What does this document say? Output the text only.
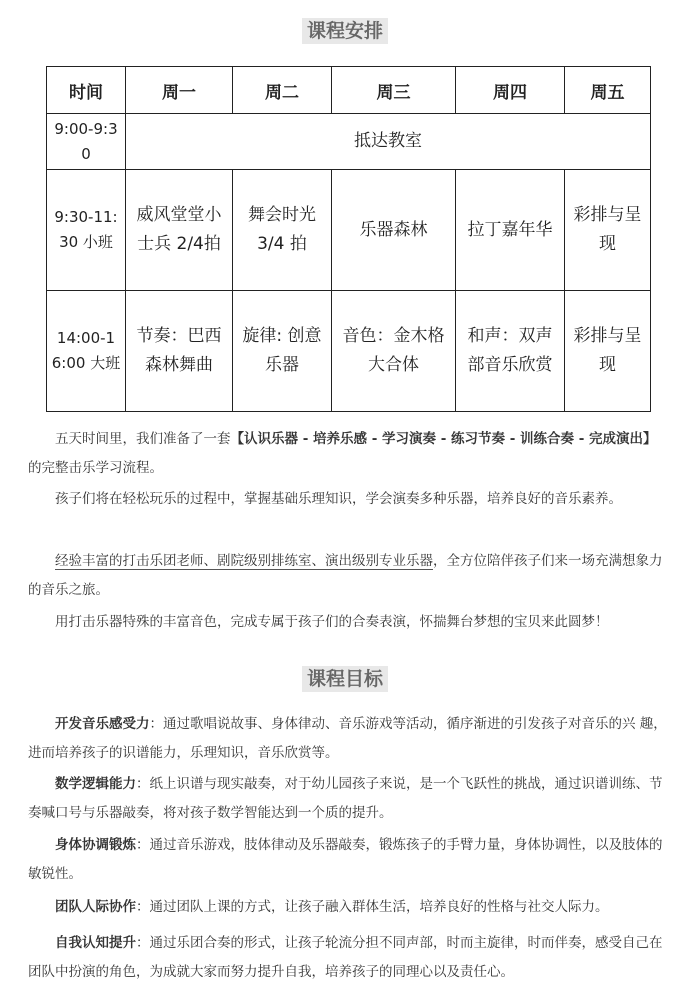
课程安排
时间	周一	周二	周三	周四	周五
9:00-9:30	抵达教室				
9:30-11:30 小班	威风堂堂小士兵 2/4拍	舞会时光3/4 拍	乐器森林	拉丁嘉年华	彩排与呈现
14:00-16:00 大班	节奏：巴西森林舞曲	旋律: 创意乐器	音色：金木格大合体	和声：双声部音乐欣赏	彩排与呈现

五天时间里，我们准备了一套【认识乐器 - 培养乐感 - 学习演奏 - 练习节奏 - 训练合奏 - 完成演出】的完整击乐学习流程。

孩子们将在轻松玩乐的过程中，掌握基础乐理知识，学会演奏多种乐器，培养良好的音乐素养。

经验丰富的打击乐团老师、剧院级别排练室、演出级别专业乐器，全方位陪伴孩子们来一场充满想象力的音乐之旅。

用打击乐器特殊的丰富音色，完成专属于孩子们的合奏表演，怀揣舞台梦想的宝贝来此圆梦！

课程目标

开发音乐感受力：通过歌唱说故事、身体律动、音乐游戏等活动，循序渐进的引发孩子对音乐的兴 趣，进而培养孩子的识谱能力，乐理知识，音乐欣赏等。

数学逻辑能力：纸上识谱与现实敲奏，对于幼儿园孩子来说，是一个飞跃性的挑战，通过识谱训练、节奏喊口号与乐器敲奏，将对孩子数学智能达到一个质的提升。

身体协调锻炼：通过音乐游戏，肢体律动及乐器敲奏，锻炼孩子的手臂力量，身体协调性，以及肢体的敏锐性。

团队人际协作：通过团队上课的方式，让孩子融入群体生活，培养良好的性格与社交人际力。

自我认知提升：通过乐团合奏的形式，让孩子轮流分担不同声部，时而主旋律，时而伴奏，感受自己在团队中扮演的角色，为成就大家而努力提升自我，培养孩子的同理心以及责任心。
